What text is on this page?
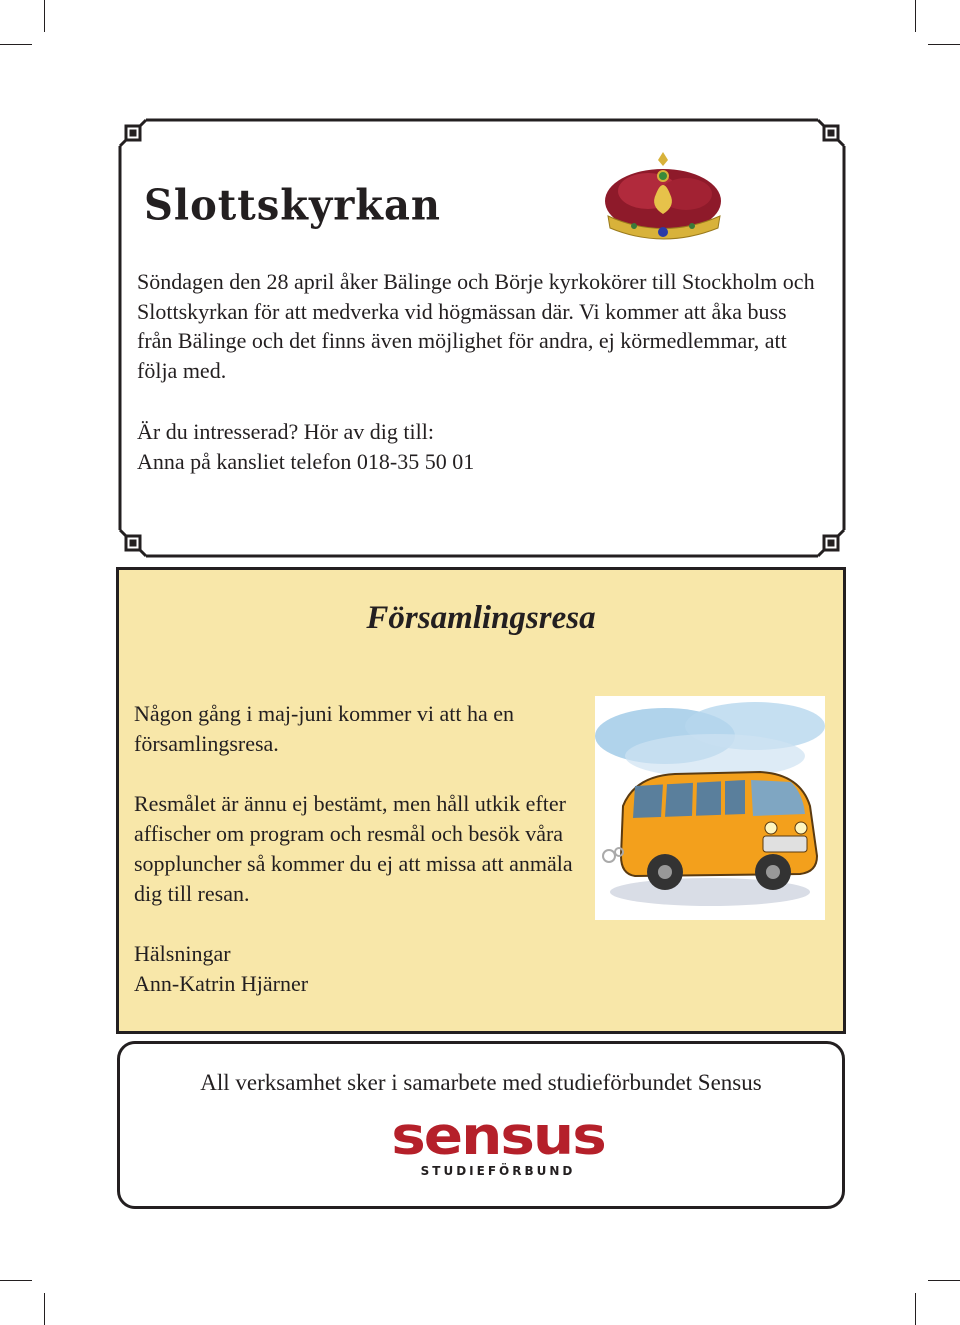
Slottskyrkan

Söndagen den 28 april åker Bälinge och Börje kyrkokörer till Stockholm och Slottskyrkan för att medverka vid högmässan där. Vi kommer att åka buss från Bälinge och det finns även möjlighet för andra, ej körmedlemmar, att följa med.

Är du intresserad? Hör av dig till:
Anna på kansliet telefon 018-35 50 01

Församlingsresa

Någon gång i maj-juni kommer vi att ha en församlingsresa.

Resmålet är ännu ej bestämt, men håll utkik efter affischer om program och resmål och besök våra soppluncher så kommer du ej att missa att anmäla dig till resan.

Hälsningar
Ann-Katrin Hjärner

All verksamhet sker i samarbete med studieförbundet Sensus

sensus
STUDIEFÖRBUND
